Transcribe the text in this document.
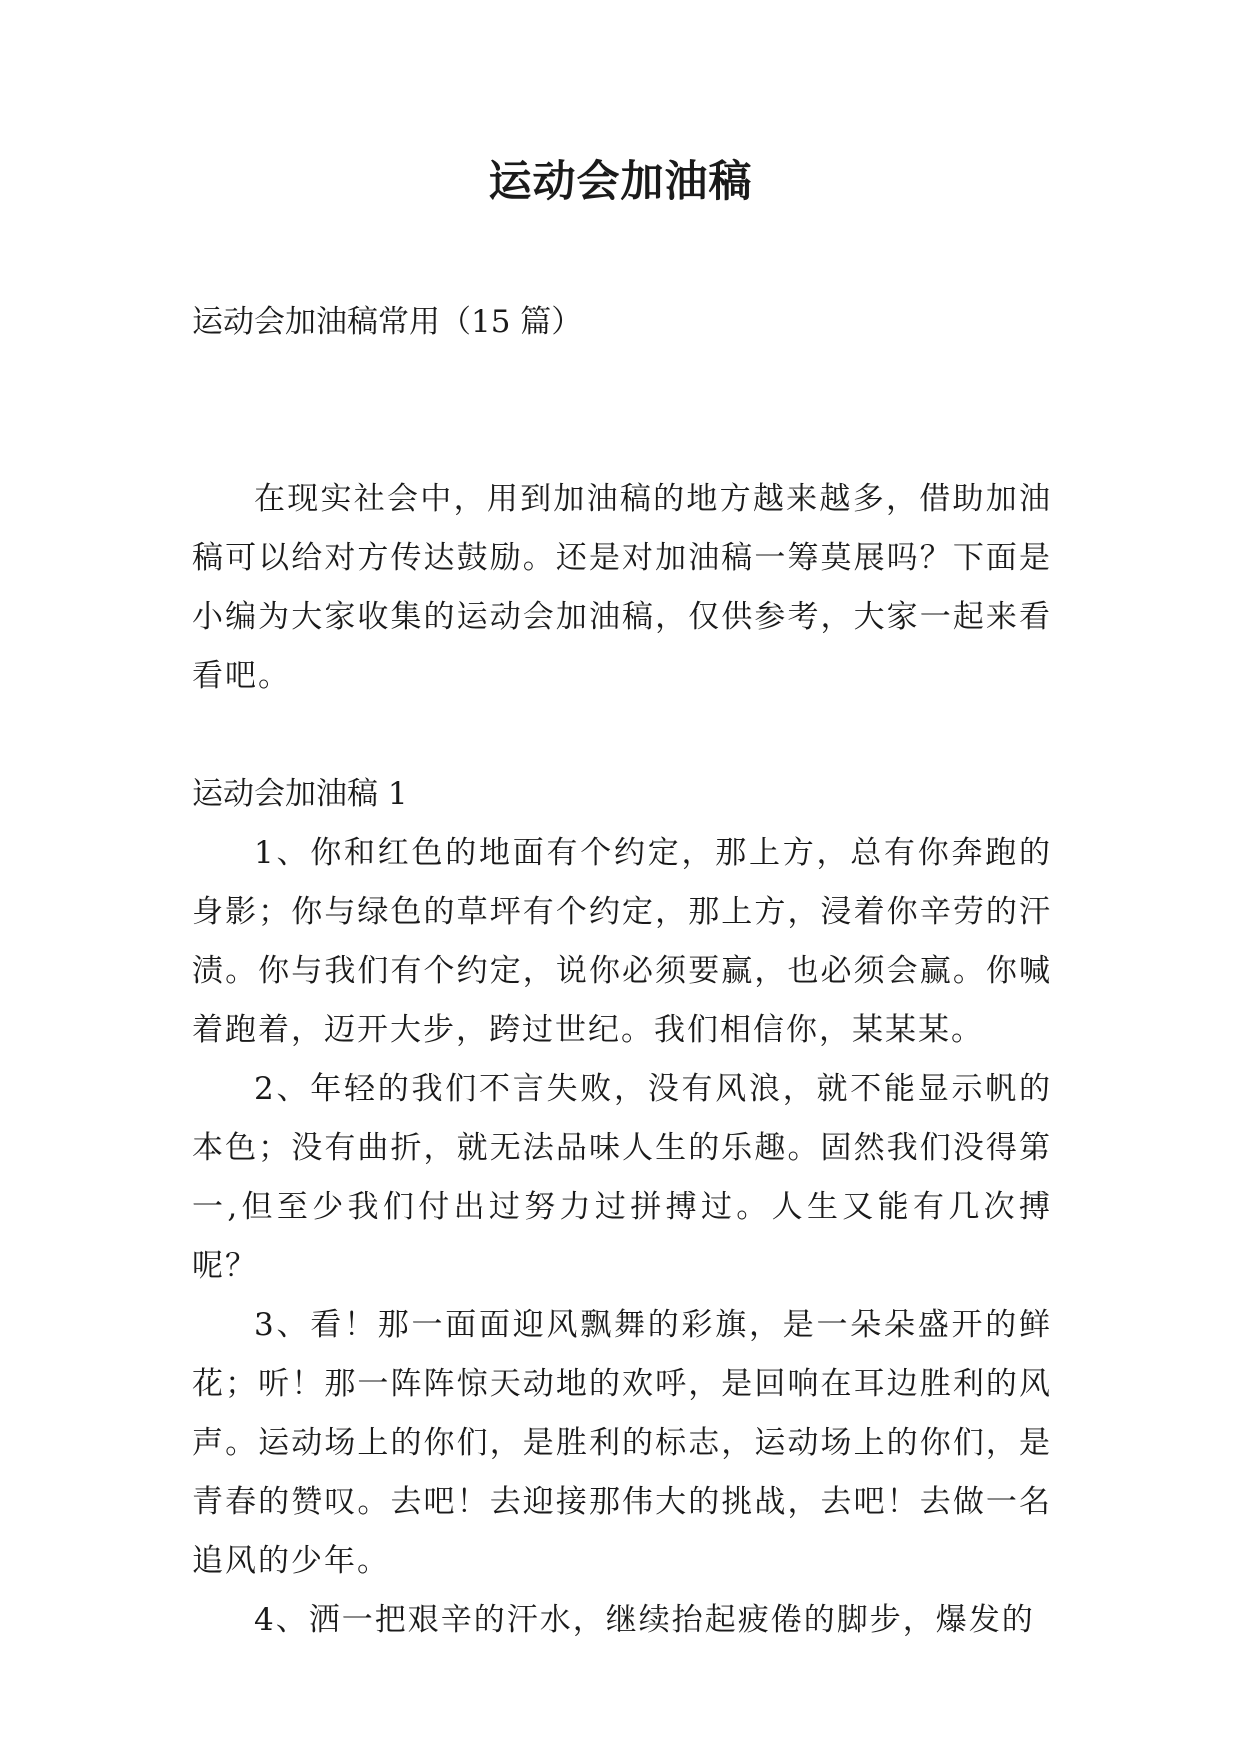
运动会加油稿

运动会加油稿常用（15 篇）

在现实社会中，用到加油稿的地方越来越多，借助加油稿可以给对方传达鼓励。还是对加油稿一筹莫展吗？下面是小编为大家收集的运动会加油稿，仅供参考，大家一起来看看吧。

运动会加油稿 1

1、你和红色的地面有个约定，那上方，总有你奔跑的身影；你与绿色的草坪有个约定，那上方，浸着你辛劳的汗渍。你与我们有个约定，说你必须要赢，也必须会赢。你喊着跑着，迈开大步，跨过世纪。我们相信你，某某某。

2、年轻的我们不言失败，没有风浪，就不能显示帆的本色；没有曲折，就无法品味人生的乐趣。固然我们没得第一,但至少我们付出过努力过拼搏过。人生又能有几次搏呢？

3、看！那一面面迎风飘舞的彩旗，是一朵朵盛开的鲜花；听！那一阵阵惊天动地的欢呼，是回响在耳边胜利的风声。运动场上的你们，是胜利的标志，运动场上的你们，是青春的赞叹。去吧！去迎接那伟大的挑战，去吧！去做一名追风的少年。

4、洒一把艰辛的汗水，继续抬起疲倦的脚步，爆发的
